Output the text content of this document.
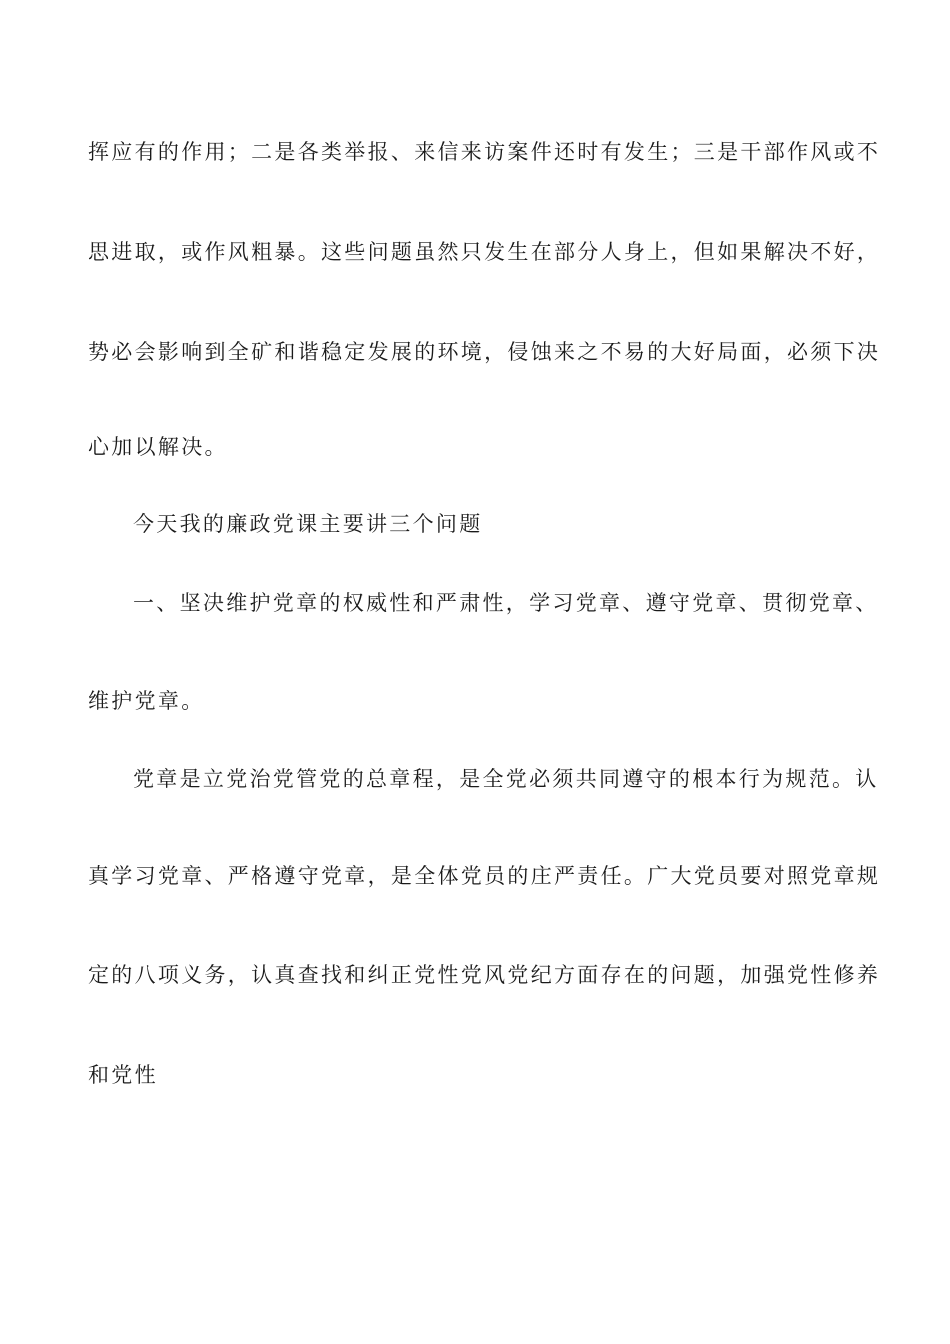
挥应有的作用；二是各类举报、来信来访案件还时有发生；三是干部作风或不
思进取，或作风粗暴。这些问题虽然只发生在部分人身上，但如果解决不好，
势必会影响到全矿和谐稳定发展的环境，侵蚀来之不易的大好局面，必须下决
心加以解决。
今天我的廉政党课主要讲三个问题
一、坚决维护党章的权威性和严肃性，学习党章、遵守党章、贯彻党章、
维护党章。
党章是立党治党管党的总章程，是全党必须共同遵守的根本行为规范。认
真学习党章、严格遵守党章，是全体党员的庄严责任。广大党员要对照党章规
定的八项义务，认真查找和纠正党性党风党纪方面存在的问题，加强党性修养
和党性
